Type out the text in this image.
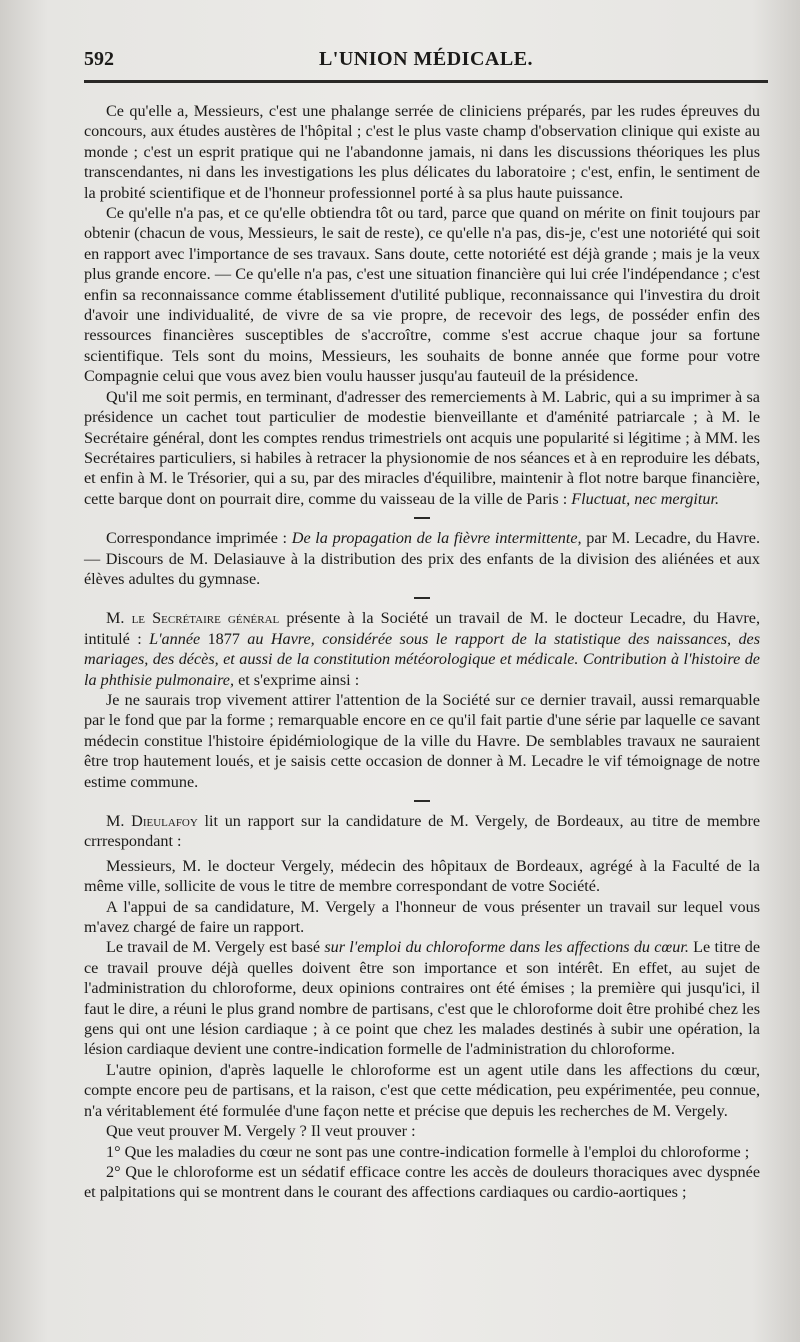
592	L'UNION MÉDICALE.

Ce qu'elle a, Messieurs, c'est une phalange serrée de cliniciens préparés, par les rudes épreuves du concours, aux études austères de l'hôpital ; c'est le plus vaste champ d'observation clinique qui existe au monde ; c'est un esprit pratique qui ne l'abandonne jamais, ni dans les discussions théoriques les plus transcendantes, ni dans les investigations les plus délicates du laboratoire ; c'est, enfin, le sentiment de la probité scientifique et de l'honneur professionnel porté à sa plus haute puissance.

Ce qu'elle n'a pas, et ce qu'elle obtiendra tôt ou tard, parce que quand on mérite on finit toujours par obtenir (chacun de vous, Messieurs, le sait de reste), ce qu'elle n'a pas, dis-je, c'est une notoriété qui soit en rapport avec l'importance de ses travaux. Sans doute, cette notoriété est déjà grande ; mais je la veux plus grande encore. — Ce qu'elle n'a pas, c'est une situation financière qui lui crée l'indépendance ; c'est enfin sa reconnaissance comme établissement d'utilité publique, reconnaissance qui l'investira du droit d'avoir une individualité, de vivre de sa vie propre, de recevoir des legs, de posséder enfin des ressources financières susceptibles de s'accroître, comme s'est accrue chaque jour sa fortune scientifique. Tels sont du moins, Messieurs, les souhaits de bonne année que forme pour votre Compagnie celui que vous avez bien voulu hausser jusqu'au fauteuil de la présidence.

Qu'il me soit permis, en terminant, d'adresser des remerciements à M. Labric, qui a su imprimer à sa présidence un cachet tout particulier de modestie bienveillante et d'aménité patriarcale ; à M. le Secrétaire général, dont les comptes rendus trimestriels ont acquis une popularité si légitime ; à MM. les Secrétaires particuliers, si habiles à retracer la physionomie de nos séances et à en reproduire les débats, et enfin à M. le Trésorier, qui a su, par des miracles d'équilibre, maintenir à flot notre barque financière, cette barque dont on pourrait dire, comme du vaisseau de la ville de Paris : Fluctuat, nec mergitur.

Correspondance imprimée : De la propagation de la fièvre intermittente, par M. Lecadre, du Havre. — Discours de M. Delasiauve à la distribution des prix des enfants de la division des aliénées et aux élèves adultes du gymnase.

M. le Secrétaire général présente à la Société un travail de M. le docteur Lecadre, du Havre, intitulé : L'année 1877 au Havre, considérée sous le rapport de la statistique des naissances, des mariages, des décès, et aussi de la constitution météorologique et médicale. Contribution à l'histoire de la phthisie pulmonaire, et s'exprime ainsi :

Je ne saurais trop vivement attirer l'attention de la Société sur ce dernier travail, aussi remarquable par le fond que par la forme ; remarquable encore en ce qu'il fait partie d'une série par laquelle ce savant médecin constitue l'histoire épidémiologique de la ville du Havre. De semblables travaux ne sauraient être trop hautement loués, et je saisis cette occasion de donner à M. Lecadre le vif témoignage de notre estime commune.

M. Dieulafoy lit un rapport sur la candidature de M. Vergely, de Bordeaux, au titre de membre crrrespondant :

Messieurs, M. le docteur Vergely, médecin des hôpitaux de Bordeaux, agrégé à la Faculté de la même ville, sollicite de vous le titre de membre correspondant de votre Société.

A l'appui de sa candidature, M. Vergely a l'honneur de vous présenter un travail sur lequel vous m'avez chargé de faire un rapport.

Le travail de M. Vergely est basé sur l'emploi du chloroforme dans les affections du cœur. Le titre de ce travail prouve déjà quelles doivent être son importance et son intérêt. En effet, au sujet de l'administration du chloroforme, deux opinions contraires ont été émises ; la première qui jusqu'ici, il faut le dire, a réuni le plus grand nombre de partisans, c'est que le chloroforme doit être prohibé chez les gens qui ont une lésion cardiaque ; à ce point que chez les malades destinés à subir une opération, la lésion cardiaque devient une contre-indication formelle de l'administration du chloroforme.

L'autre opinion, d'après laquelle le chloroforme est un agent utile dans les affections du cœur, compte encore peu de partisans, et la raison, c'est que cette médication, peu expérimentée, peu connue, n'a véritablement été formulée d'une façon nette et précise que depuis les recherches de M. Vergely.

Que veut prouver M. Vergely ? Il veut prouver :

1° Que les maladies du cœur ne sont pas une contre-indication formelle à l'emploi du chloroforme ;

2° Que le chloroforme est un sédatif efficace contre les accès de douleurs thoraciques avec dyspnée et palpitations qui se montrent dans le courant des affections cardiaques ou cardio-aortiques ;
